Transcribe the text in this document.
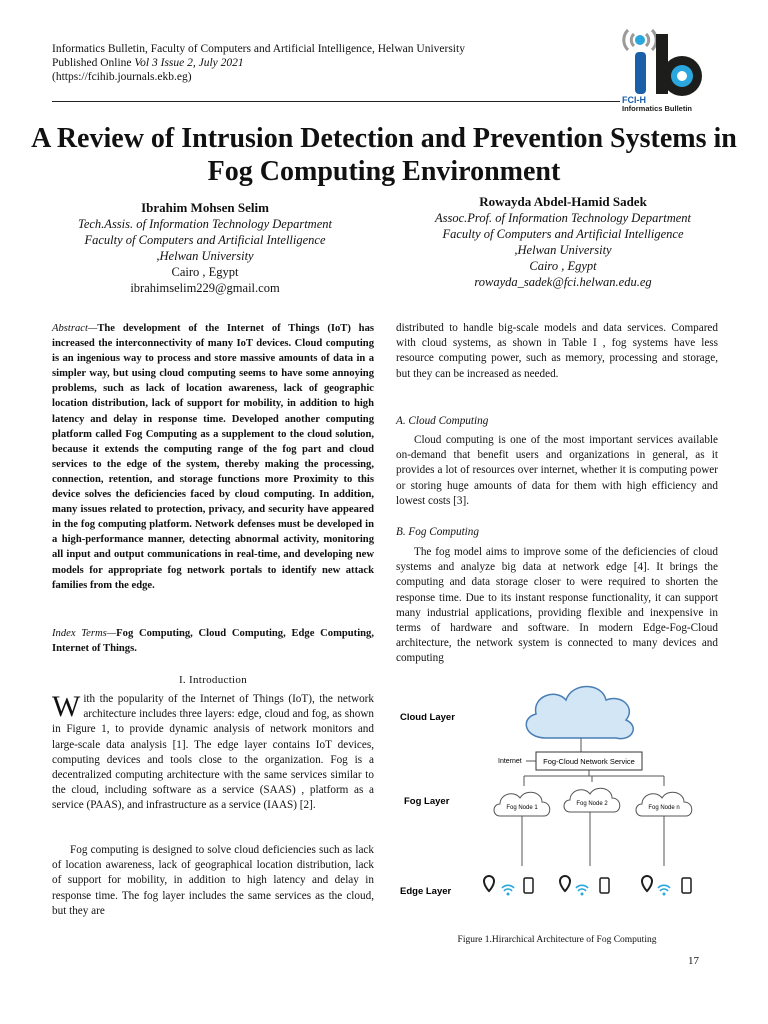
Informatics Bulletin, Faculty of Computers and Artificial Intelligence, Helwan University
Published Online Vol 3 Issue 2, July 2021
(https://fcihib.journals.ekb.eg)
FCI-H
Informatics Bulletin
A Review of Intrusion Detection and Prevention Systems in Fog Computing Environment
Ibrahim Mohsen Selim
Tech.Assis. of Information Technology Department
Faculty of Computers and Artificial Intelligence
,Helwan University
Cairo , Egypt
ibrahimselim229@gmail.com
Rowayda Abdel-Hamid Sadek
Assoc.Prof. of Information Technology Department
Faculty of Computers and Artificial Intelligence
,Helwan University
Cairo , Egypt
rowayda_sadek@fci.helwan.edu.eg
Abstract—The development of the Internet of Things (IoT) has increased the interconnectivity of many IoT devices. Cloud computing is an ingenious way to process and store massive amounts of data in a simpler way, but using cloud computing seems to have some annoying problems, such as lack of location awareness, lack of geographic location distribution, lack of support for mobility, in addition to high latency and delay in response time. Developed another computing platform called Fog Computing as a supplement to the cloud solution, because it extends the computing range of the fog part and cloud services to the edge of the system, thereby making the processing, connection, retention, and storage functions more Proximity to this device solves the deficiencies faced by cloud computing. In addition, many issues related to protection, privacy, and security have appeared in the fog computing platform. Network defenses must be developed in a high-performance manner, detecting abnormal activity, monitoring all input and output communications in real-time, and developing new models for appropriate fog network portals to identify new attack families from the edge.
Index Terms—Fog Computing, Cloud Computing, Edge Computing, Internet of Things.
I. Introduction
With the popularity of the Internet of Things (IoT), the network architecture includes three layers: edge, cloud and fog, as shown in Figure 1, to provide dynamic analysis of network monitors and large-scale data analysis [1]. The edge layer contains IoT devices, computing devices and tools close to the organization. Fog is a decentralized computing architecture with the same services similar to the cloud, including software as a service (SAAS) , platform as a service (PAAS), and infrastructure as a service (IAAS) [2].
Fog computing is designed to solve cloud deficiencies such as lack of location awareness, lack of geographical location distribution, lack of support for mobility, in addition to high latency and delay in response time. The fog layer includes the same services as the cloud, but they are
distributed to handle big-scale models and data services. Compared with cloud systems, as shown in Table I , fog systems have less resource computing power, such as memory, processing and storage, but they can be increased as needed.
A. Cloud Computing
Cloud computing is one of the most important services available on-demand that benefit users and organizations in general, as it provides a lot of resources over internet, whether it is computing power or storing huge amounts of data for them with high efficiency and lowest costs [3].
B. Fog Computing
The fog model aims to improve some of the deficiencies of cloud systems and analyze big data at network edge [4]. It brings the computing and data storage closer to were required to shorten the response time. Due to its instant response functionality, it can support many industrial applications, providing flexible and inexpensive in terms of hardware and software. In modern Edge-Fog-Cloud architecture, the network system is connected to many devices and computing
Cloud Layer
Fog Layer
Edge Layer
Internet	Fog-Cloud Network Service
Fog Node 1
Fog Node 2
Fog Node n
Figure 1.Hirarchical Architecture of Fog Computing
17
